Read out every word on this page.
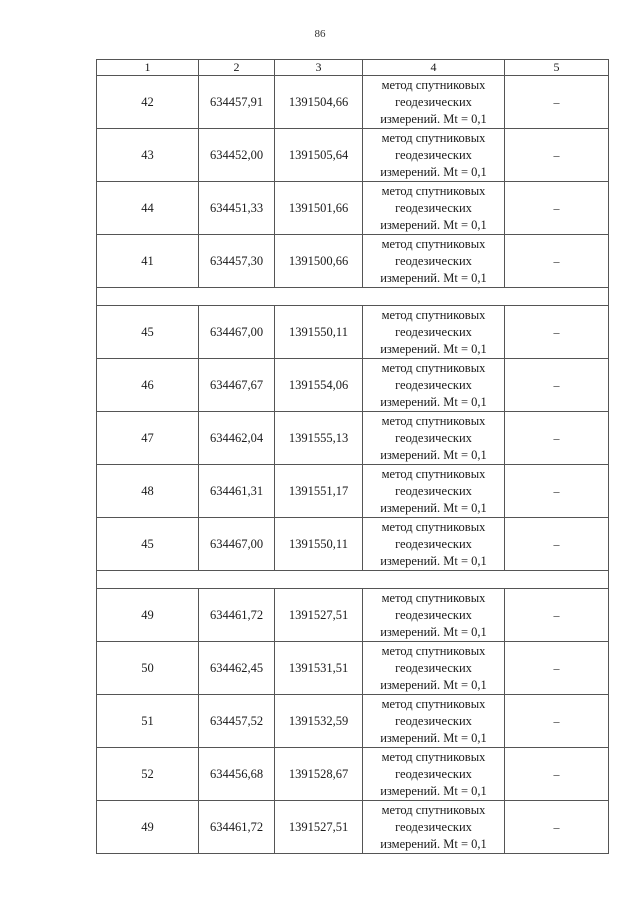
86
1	2	3	4	5
42	634457,91	1391504,66	метод спутниковых
геодезических
измерений. Mt = 0,1	–
43	634452,00	1391505,64	метод спутниковых
геодезических
измерений. Mt = 0,1	–
44	634451,33	1391501,66	метод спутниковых
геодезических
измерений. Mt = 0,1	–
41	634457,30	1391500,66	метод спутниковых
геодезических
измерений. Mt = 0,1	–

45	634467,00	1391550,11	метод спутниковых
геодезических
измерений. Mt = 0,1	–
46	634467,67	1391554,06	метод спутниковых
геодезических
измерений. Mt = 0,1	–
47	634462,04	1391555,13	метод спутниковых
геодезических
измерений. Mt = 0,1	–
48	634461,31	1391551,17	метод спутниковых
геодезических
измерений. Mt = 0,1	–
45	634467,00	1391550,11	метод спутниковых
геодезических
измерений. Mt = 0,1	–

49	634461,72	1391527,51	метод спутниковых
геодезических
измерений. Mt = 0,1	–
50	634462,45	1391531,51	метод спутниковых
геодезических
измерений. Mt = 0,1	–
51	634457,52	1391532,59	метод спутниковых
геодезических
измерений. Mt = 0,1	–
52	634456,68	1391528,67	метод спутниковых
геодезических
измерений. Mt = 0,1	–
49	634461,72	1391527,51	метод спутниковых
геодезических
измерений. Mt = 0,1	–
